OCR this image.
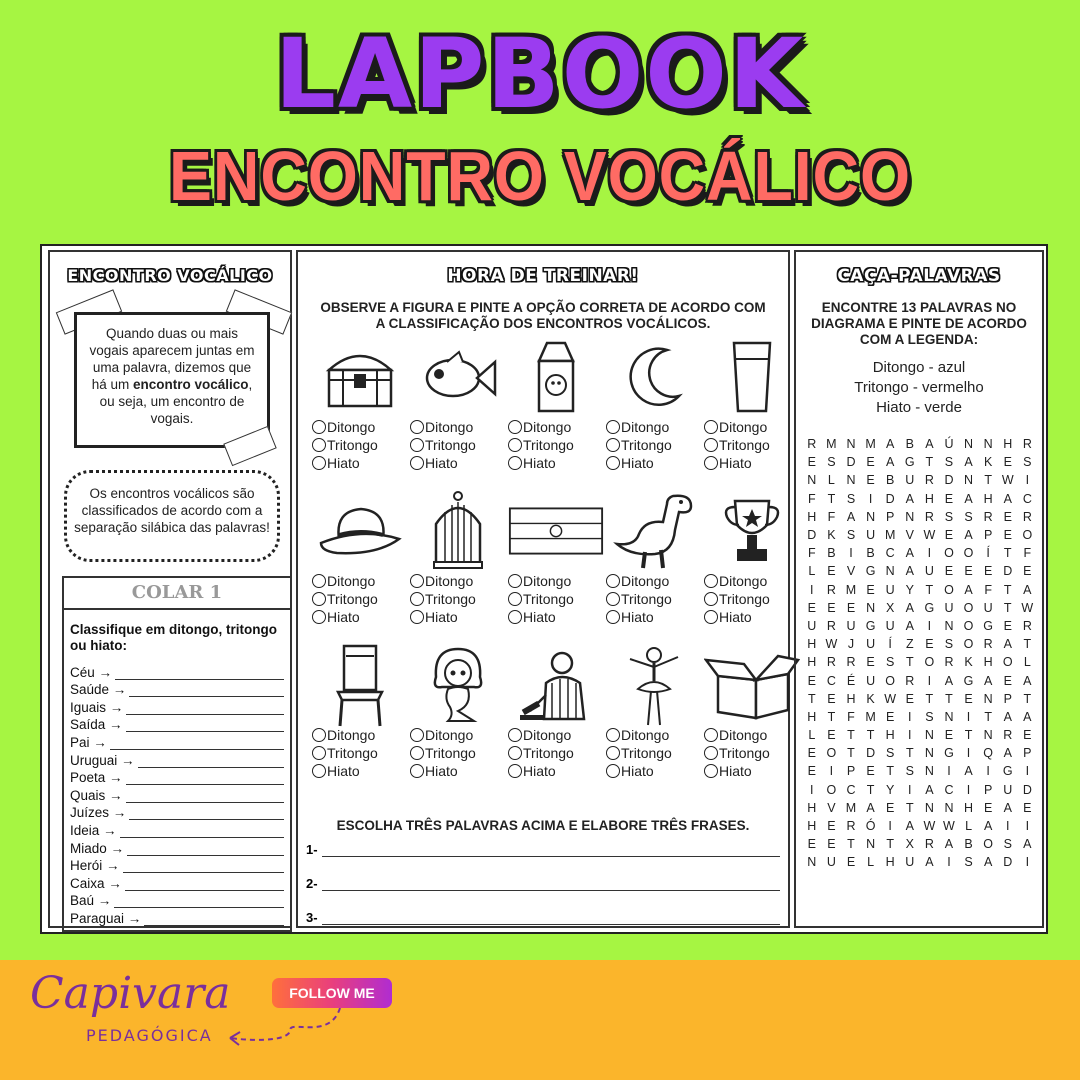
LAPBOOK
ENCONTRO VOCÁLICO
ENCONTRO VOCÁLICO

Quando duas ou mais vogais aparecem juntas em uma palavra, dizemos que há um encontro vocálico, ou seja, um encontro de vogais.

Os encontros vocálicos são classificados de acordo com a separação silábica das palavras!

COLAR 1
Classifique em ditongo, tritongo ou hiato:
Céu →
Saúde →
Iguais →
Saída →
Pai →
Uruguai →
Poeta →
Quais →
Juízes →
Ideia →
Miado →
Herói →
Caixa →
Baú →
Paraguai →
HORA DE TREINAR!
OBSERVE A FIGURA E PINTE A OPÇÃO CORRETA DE ACORDO COM A CLASSIFICAÇÃO DOS ENCONTROS VOCÁLICOS.
Ditongo
Tritongo
Hiato
Ditongo
Tritongo
Hiato
Ditongo
Tritongo
Hiato
Ditongo
Tritongo
Hiato
Ditongo
Tritongo
Hiato
Ditongo
Tritongo
Hiato
Ditongo
Tritongo
Hiato
Ditongo
Tritongo
Hiato
Ditongo
Tritongo
Hiato
Ditongo
Tritongo
Hiato
Ditongo
Tritongo
Hiato
Ditongo
Tritongo
Hiato
Ditongo
Tritongo
Hiato
Ditongo
Tritongo
Hiato
Ditongo
Tritongo
Hiato
ESCOLHA TRÊS PALAVRAS ACIMA E ELABORE TRÊS FRASES.
1-
2-
3-
CAÇA-PALAVRAS
ENCONTRE 13 PALAVRAS NO DIAGRAMA E PINTE DE ACORDO COM A LEGENDA:
Ditongo - azul
Tritongo - vermelho
Hiato - verde
R M N M A B A Ú N N H R
E S D E A G T S A K E S
N L N E B U R D N T W I
F T S	I	D A H E A H A C
H F A N P N R S S R E R
D K S U M V W E A P E O
F B	I	B C A	I	O O	Í	T F
L E V G N A U E E E D E
I	R M E U Y T O A F T A
E E E N X A G U O U T W
U R U G U A	I	N O G E R
H W J U	Í	Z E S O R A T
H R R E S T O R K H O L
E C É U O R	I	A G A E A
T E H K W E T T E N P T
H T F M E	I	S N	I	T A A
L E T T H	I	N E T N R E
E O T D S T N G	I	Q A P
E	I	P E T S N	I	A	I	G	I
I	O C T Y	I	A C	I	P U D
H V M A E T N N H E A E
H E R Ó	I	A W W L A	I	I
E E T N T X R A B O S A
N U E L H U A	I	S A D	I
Capivara
PEDAGÓGICA
FOLLOW ME
